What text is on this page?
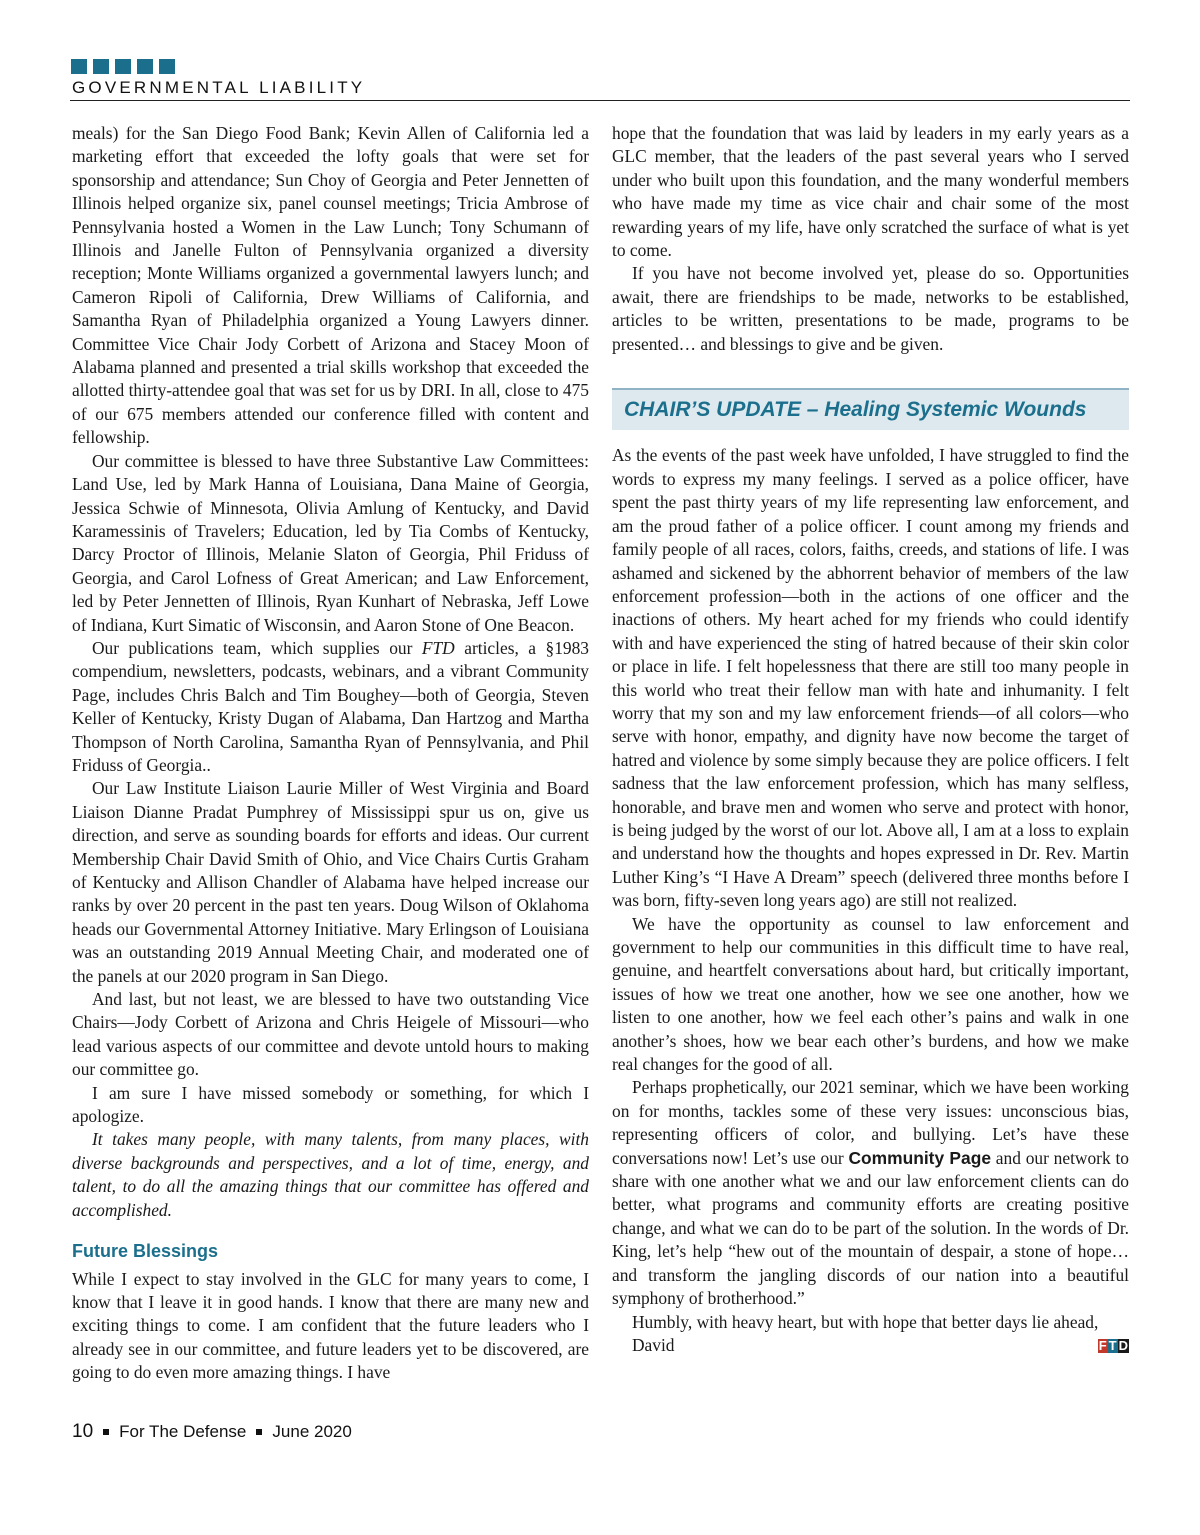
GOVERNMENTAL LIABILITY

meals) for the San Diego Food Bank; Kevin Allen of California led a marketing effort that exceeded the lofty goals that were set for sponsorship and attendance; Sun Choy of Georgia and Peter Jennetten of Illinois helped organize six, panel counsel meetings; Tricia Ambrose of Pennsylvania hosted a Women in the Law Lunch; Tony Schumann of Illinois and Janelle Fulton of Pennsylvania organized a diversity reception; Monte Williams organized a governmental lawyers lunch; and Cameron Ripoli of California, Drew Williams of California, and Samantha Ryan of Philadelphia organized a Young Lawyers dinner. Committee Vice Chair Jody Corbett of Arizona and Stacey Moon of Alabama planned and presented a trial skills workshop that exceeded the allotted thirty-attendee goal that was set for us by DRI. In all, close to 475 of our 675 members attended our conference filled with content and fellowship.

Our committee is blessed to have three Substantive Law Committees: Land Use, led by Mark Hanna of Louisiana, Dana Maine of Georgia, Jessica Schwie of Minnesota, Olivia Amlung of Kentucky, and David Karamessinis of Travelers; Education, led by Tia Combs of Kentucky, Darcy Proctor of Illinois, Melanie Slaton of Georgia, Phil Friduss of Georgia, and Carol Lofness of Great American; and Law Enforcement, led by Peter Jennetten of Illinois, Ryan Kunhart of Nebraska, Jeff Lowe of Indiana, Kurt Simatic of Wisconsin, and Aaron Stone of One Beacon.

Our publications team, which supplies our FTD articles, a §1983 compendium, newsletters, podcasts, webinars, and a vibrant Community Page, includes Chris Balch and Tim Boughey—both of Georgia, Steven Keller of Kentucky, Kristy Dugan of Alabama, Dan Hartzog and Martha Thompson of North Carolina, Samantha Ryan of Pennsylvania, and Phil Friduss of Georgia..

Our Law Institute Liaison Laurie Miller of West Virginia and Board Liaison Dianne Pradat Pumphrey of Mississippi spur us on, give us direction, and serve as sounding boards for efforts and ideas. Our current Membership Chair David Smith of Ohio, and Vice Chairs Curtis Graham of Kentucky and Allison Chandler of Alabama have helped increase our ranks by over 20 percent in the past ten years. Doug Wilson of Oklahoma heads our Governmental Attorney Initiative. Mary Erlingson of Louisiana was an outstanding 2019 Annual Meeting Chair, and moderated one of the panels at our 2020 program in San Diego.

And last, but not least, we are blessed to have two outstanding Vice Chairs—Jody Corbett of Arizona and Chris Heigele of Missouri—who lead various aspects of our committee and devote untold hours to making our committee go.

I am sure I have missed somebody or something, for which I apologize.

It takes many people, with many talents, from many places, with diverse backgrounds and perspectives, and a lot of time, energy, and talent, to do all the amazing things that our committee has offered and accomplished.

Future Blessings

While I expect to stay involved in the GLC for many years to come, I know that I leave it in good hands. I know that there are many new and exciting things to come. I am confident that the future leaders who I already see in our committee, and future leaders yet to be discovered, are going to do even more amazing things. I have

hope that the foundation that was laid by leaders in my early years as a GLC member, that the leaders of the past several years who I served under who built upon this foundation, and the many wonderful members who have made my time as vice chair and chair some of the most rewarding years of my life, have only scratched the surface of what is yet to come.

If you have not become involved yet, please do so. Opportunities await, there are friendships to be made, networks to be established, articles to be written, presentations to be made, programs to be presented… and blessings to give and be given.

CHAIR’S UPDATE – Healing Systemic Wounds

As the events of the past week have unfolded, I have struggled to find the words to express my many feelings. I served as a police officer, have spent the past thirty years of my life representing law enforcement, and am the proud father of a police officer. I count among my friends and family people of all races, colors, faiths, creeds, and stations of life. I was ashamed and sickened by the abhorrent behavior of members of the law enforcement profession—both in the actions of one officer and the inactions of others. My heart ached for my friends who could identify with and have experienced the sting of hatred because of their skin color or place in life. I felt hopelessness that there are still too many people in this world who treat their fellow man with hate and inhumanity. I felt worry that my son and my law enforcement friends—of all colors—who serve with honor, empathy, and dignity have now become the target of hatred and violence by some simply because they are police officers. I felt sadness that the law enforcement profession, which has many selfless, honorable, and brave men and women who serve and protect with honor, is being judged by the worst of our lot. Above all, I am at a loss to explain and understand how the thoughts and hopes expressed in Dr. Rev. Martin Luther King’s “I Have A Dream” speech (delivered three months before I was born, fifty-seven long years ago) are still not realized.

We have the opportunity as counsel to law enforcement and government to help our communities in this difficult time to have real, genuine, and heartfelt conversations about hard, but critically important, issues of how we treat one another, how we see one another, how we listen to one another, how we feel each other’s pains and walk in one another’s shoes, how we bear each other’s burdens, and how we make real changes for the good of all.

Perhaps prophetically, our 2021 seminar, which we have been working on for months, tackles some of these very issues: unconscious bias, representing officers of color, and bullying. Let’s have these conversations now! Let’s use our Community Page and our network to share with one another what we and our law enforcement clients can do better, what programs and community efforts are creating positive change, and what we can do to be part of the solution. In the words of Dr. King, let’s help “hew out of the mountain of despair, a stone of hope… and transform the jangling discords of our nation into a beautiful symphony of brotherhood.”

Humbly, with heavy heart, but with hope that better days lie ahead,

David	F T D

10 For The Defense June 2020
